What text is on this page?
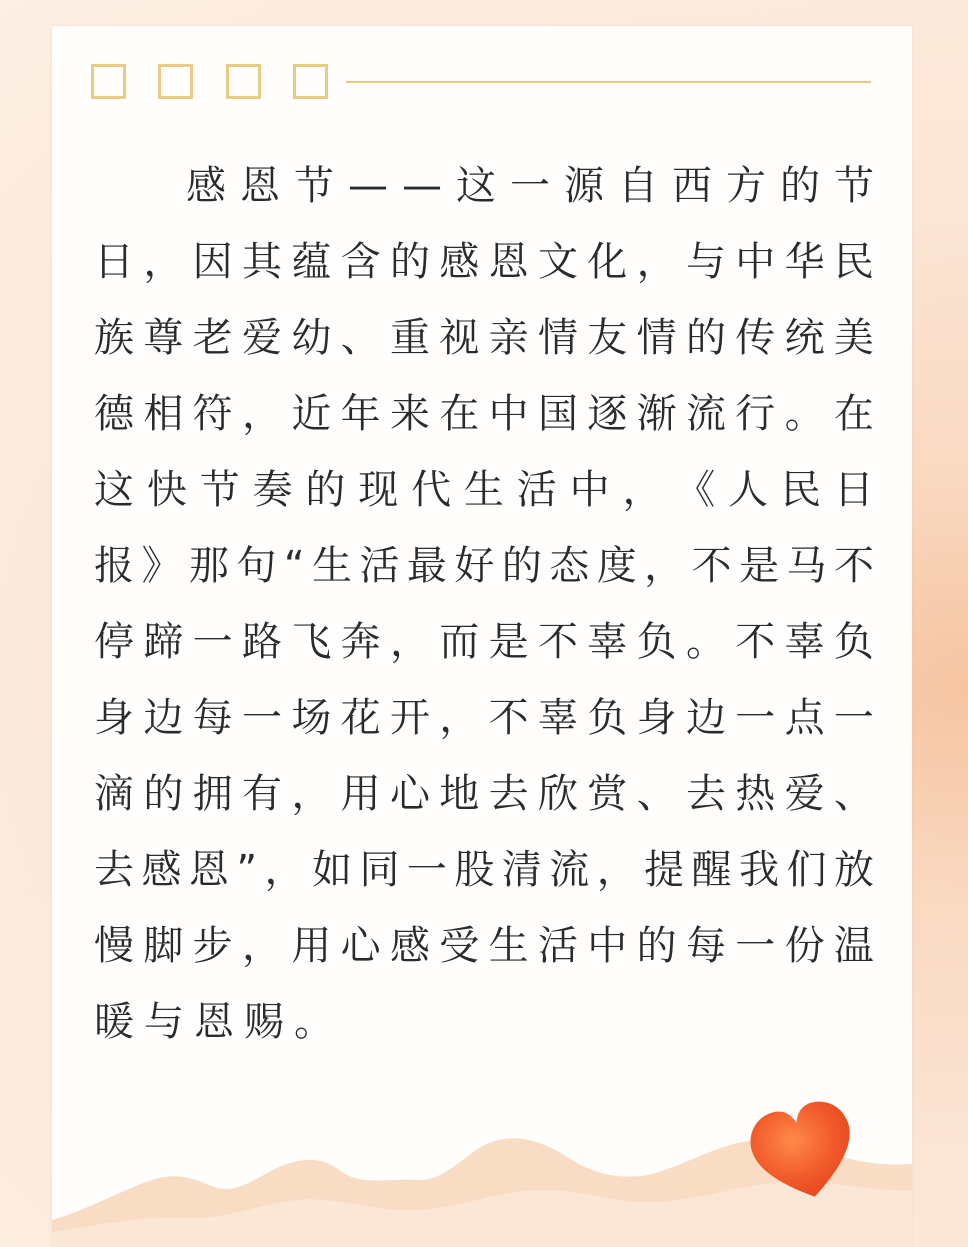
感 恩 节 — — 这 一 源 自 西 方 的 节
日 ， 因 其 蕴 含 的 感 恩 文 化 ， 与 中 华 民
族 尊 老 爱 幼 、 重 视 亲 情 友 情 的 传 统 美
德 相 符 ， 近 年 来 在 中 国 逐 渐 流 行 。 在
这 快 节 奏 的 现 代 生 活 中 ， 《 人 民 日
报 》 那 句 “ 生 活 最 好 的 态 度 ， 不 是 马 不
停 蹄 一 路 飞 奔 ， 而 是 不 辜 负 。 不 辜 负
身 边 每 一 场 花 开 ， 不 辜 负 身 边 一 点 一
滴 的 拥 有 ， 用 心 地 去 欣 赏 、 去 热 爱 、
去 感 恩 ” ， 如 同 一 股 清 流 ， 提 醒 我 们 放
慢 脚 步 ， 用 心 感 受 生 活 中 的 每 一 份 温
暖 与 恩 赐 。
